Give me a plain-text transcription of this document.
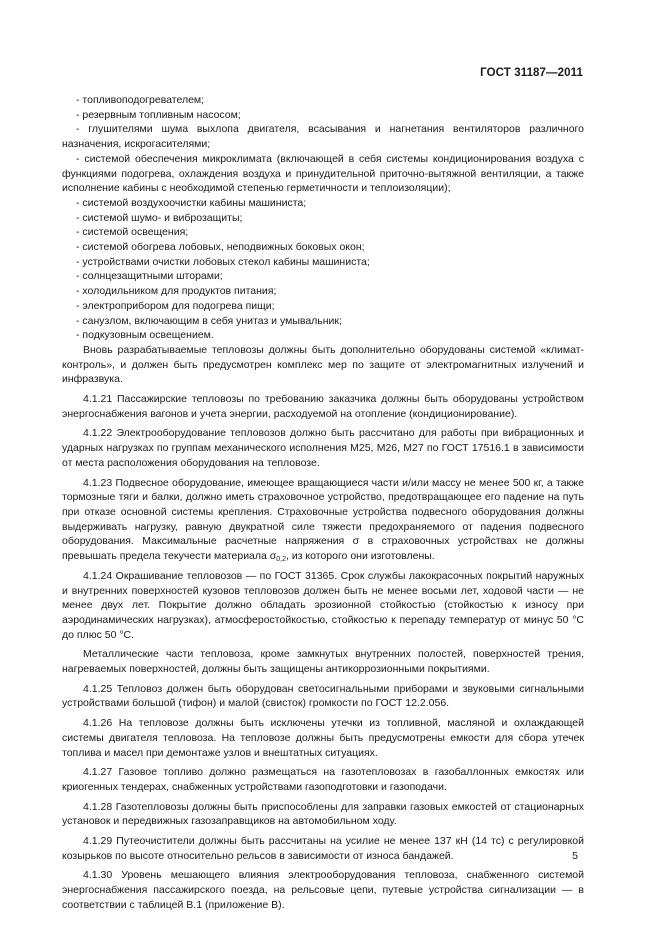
ГОСТ 31187—2011

- топливоподогревателем;

- резервным топливным насосом;

- глушителями шума выхлопа двигателя, всасывания и нагнетания вентиляторов различного назначения, искрогасителями;

- системой обеспечения микроклимата (включающей в себя системы кондиционирования воздуха с функциями подогрева, охлаждения воздуха и принудительной приточно-вытяжной вентиляции, а также исполнение кабины с необходимой степенью герметичности и теплоизоляции);

- системой воздухоочистки кабины машиниста;

- системой шумо- и виброзащиты;

- системой освещения;

- системой обогрева лобовых, неподвижных боковых окон;

- устройствами очистки лобовых стекол кабины машиниста;

- солнцезащитными шторами;

- холодильником для продуктов питания;

- электроприбором для подогрева пищи;

- санузлом, включающим в себя унитаз и умывальник;

- подкузовным освещением.

Вновь разрабатываемые тепловозы должны быть дополнительно оборудованы системой «климат-контроль», и должен быть предусмотрен комплекс мер по защите от электромагнитных излучений и инфразвука.

4.1.21 Пассажирские тепловозы по требованию заказчика должны быть оборудованы устройством энергоснабжения вагонов и учета энергии, расходуемой на отопление (кондиционирование).

4.1.22 Электрооборудование тепловозов должно быть рассчитано для работы при вибрационных и ударных нагрузках по группам механического исполнения М25, М26, М27 по ГОСТ 17516.1 в зависимости от места расположения оборудования на тепловозе.

4.1.23 Подвесное оборудование, имеющее вращающиеся части и/или массу не менее 500 кг, а также тормозные тяги и балки, должно иметь страховочное устройство, предотвращающее его падение на путь при отказе основной системы крепления. Страховочные устройства подвесного оборудования должны выдерживать нагрузку, равную двукратной силе тяжести предохраняемого от падения подвесного оборудования. Максимальные расчетные напряжения σ в страховочных устройствах не должны превышать предела текучести материала $\sigma_{0,2}$, из которого они изготовлены.

4.1.24 Окрашивание тепловозов — по ГОСТ 31365. Срок службы лакокрасочных покрытий наружных и внутренних поверхностей кузовов тепловозов должен быть не менее восьми лет, ходовой части — не менее двух лет. Покрытие должно обладать эрозионной стойкостью (стойкостью к износу при аэродинамических нагрузках), атмосферостойкостью, стойкостью к перепаду температур от минус 50 °С до плюс 50 °С.

Металлические части тепловоза, кроме замкнутых внутренних полостей, поверхностей трения, нагреваемых поверхностей, должны быть защищены антикоррозионными покрытиями.

4.1.25 Тепловоз должен быть оборудован светосигнальными приборами и звуковыми сигнальными устройствами большой (тифон) и малой (свисток) громкости по ГОСТ 12.2.056.

4.1.26 На тепловозе должны быть исключены утечки из топливной, масляной и охлаждающей системы двигателя тепловоза. На тепловозе должны быть предусмотрены емкости для сбора утечек топлива и масел при демонтаже узлов и внештатных ситуациях.

4.1.27 Газовое топливо должно размещаться на газотепловозах в газобаллонных емкостях или криогенных тендерах, снабженных устройствами газоподготовки и газоподачи.

4.1.28 Газотепловозы должны быть приспособлены для заправки газовых емкостей от стационарных установок и передвижных газозаправщиков на автомобильном ходу.

4.1.29 Путеочистители должны быть рассчитаны на усилие не менее 137 кН (14 тс) с регулировкой козырьков по высоте относительно рельсов в зависимости от износа бандажей.

4.1.30 Уровень мешающего влияния электрооборудования тепловоза, снабженного системой энергоснабжения пассажирского поезда, на рельсовые цепи, путевые устройства сигнализации — в соответствии с таблицей В.1 (приложение В).

5
